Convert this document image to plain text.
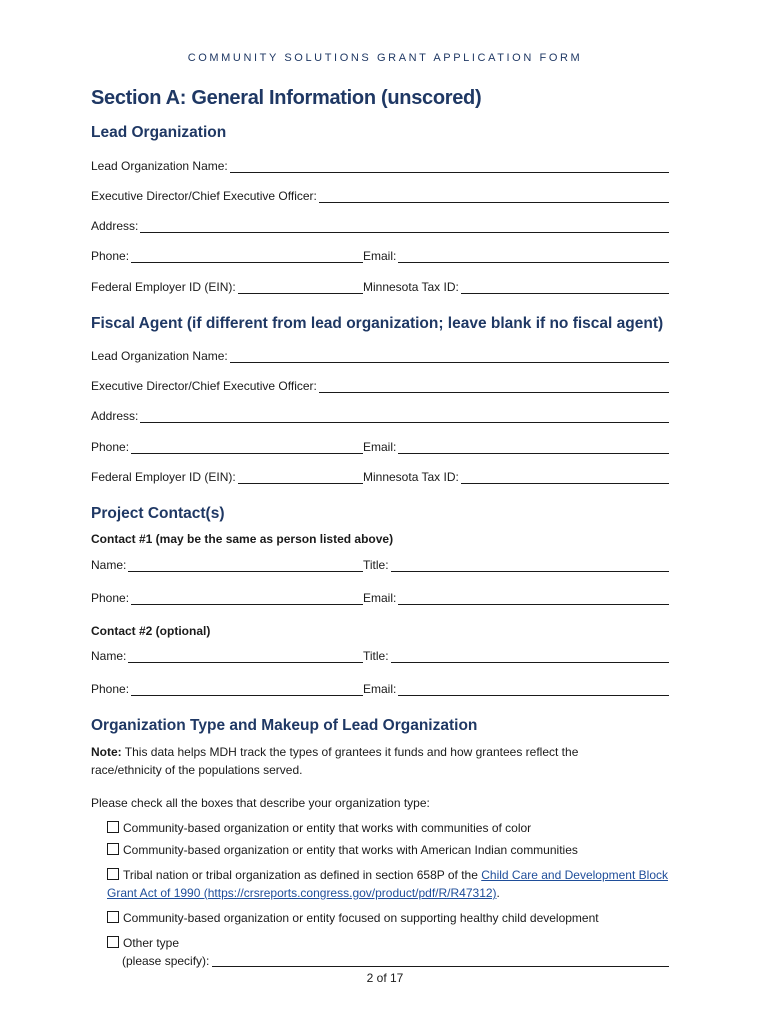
COMMUNITY SOLUTIONS GRANT APPLICATION FORM
Section A: General Information (unscored)
Lead Organization
Lead Organization Name:
Executive Director/Chief Executive Officer:
Address:
Phone:	Email:
Federal Employer ID (EIN):	Minnesota Tax ID:
Fiscal Agent (if different from lead organization; leave blank if no fiscal agent)
Lead Organization Name:
Executive Director/Chief Executive Officer:
Address:
Phone:	Email:
Federal Employer ID (EIN):	Minnesota Tax ID:
Project Contact(s)
Contact #1 (may be the same as person listed above)
Name:	Title:
Phone:	Email:
Contact #2 (optional)
Name:	Title:
Phone:	Email:
Organization Type and Makeup of Lead Organization
Note: This data helps MDH track the types of grantees it funds and how grantees reflect the race/ethnicity of the populations served.
Please check all the boxes that describe your organization type:
Community-based organization or entity that works with communities of color
Community-based organization or entity that works with American Indian communities
Tribal nation or tribal organization as defined in section 658P of the Child Care and Development Block Grant Act of 1990 (https://crsreports.congress.gov/product/pdf/R/R47312).
Community-based organization or entity focused on supporting healthy child development
Other type
(please specify):
2 of 17
